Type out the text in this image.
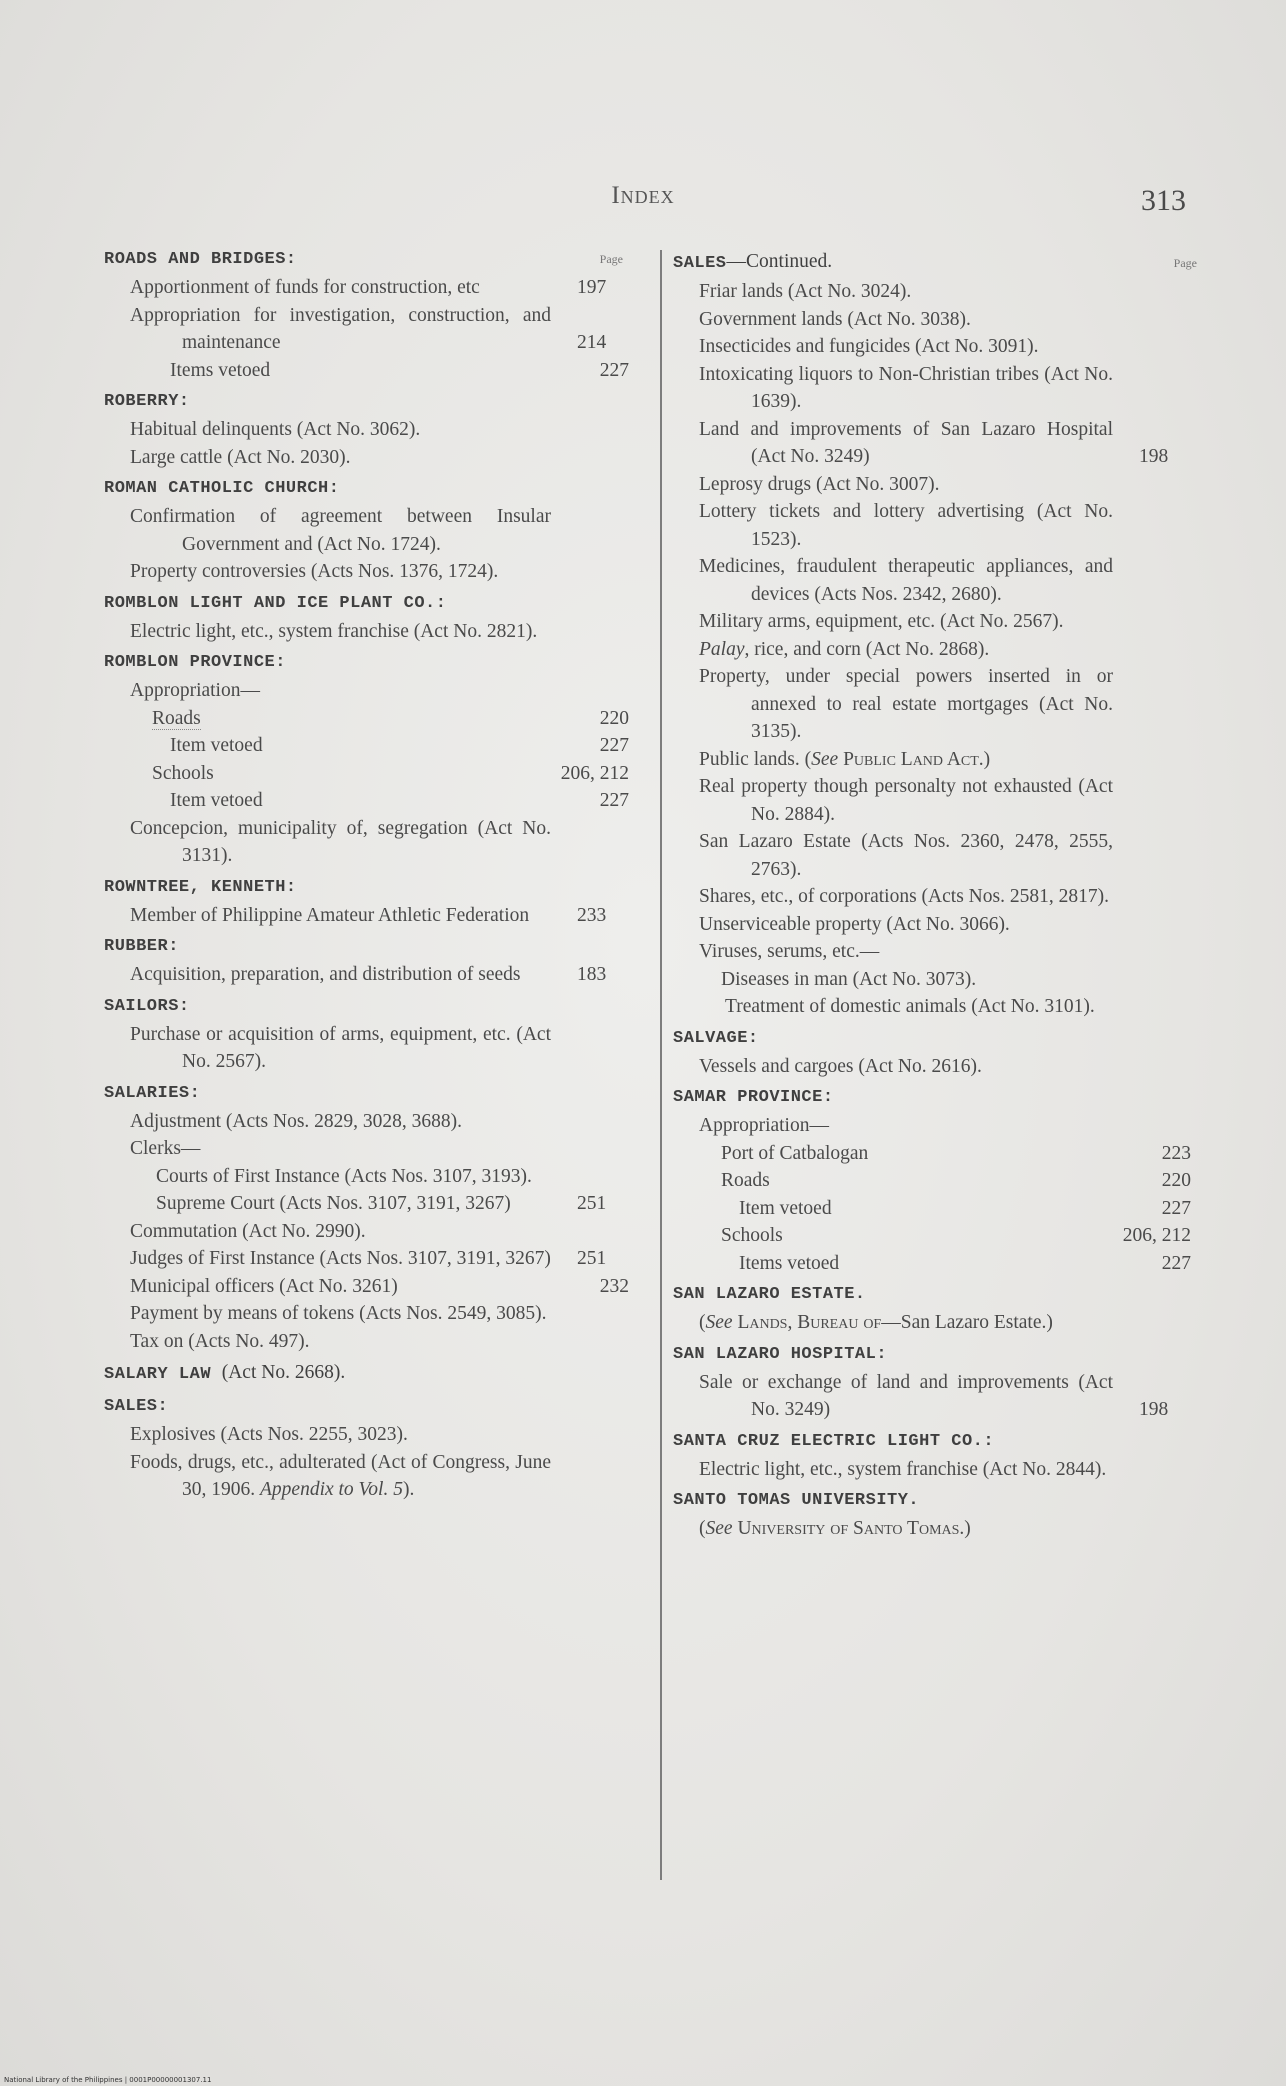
Index	313
Page
ROADS AND BRIDGES:
Apportionment of funds for construction, etc	197
Appropriation for investigation, construction, and maintenance	214
Items vetoed	227
ROBERRY:
Habitual delinquents (Act No. 3062).
Large cattle (Act No. 2030).
ROMAN CATHOLIC CHURCH:
Confirmation of agreement between Insular Government and (Act No. 1724).
Property controversies (Acts Nos. 1376, 1724).
ROMBLON LIGHT AND ICE PLANT CO.:
Electric light, etc., system franchise (Act No. 2821).
ROMBLON PROVINCE:
Appropriation—
Roads	220
Item vetoed	227
Schools	206, 212
Item vetoed	227
Concepcion, municipality of, segregation (Act No. 3131).
ROWNTREE, KENNETH:
Member of Philippine Amateur Athletic Federation 233
RUBBER:
Acquisition, preparation, and distribution of seeds	183
SAILORS:
Purchase or acquisition of arms, equipment, etc. (Act No. 2567).
SALARIES:
Adjustment (Acts Nos. 2829, 3028, 3688).
Clerks—
Courts of First Instance (Acts Nos. 3107, 3193).
Supreme Court (Acts Nos. 3107, 3191, 3267)	251
Commutation (Act No. 2990).
Judges of First Instance (Acts Nos. 3107, 3191, 3267) 251
Municipal officers (Act No. 3261)	232
Payment by means of tokens (Acts Nos. 2549, 3085).
Tax on (Acts No. 497).
SALARY LAW (Act No. 2668).
SALES:
Explosives (Acts Nos. 2255, 3023).
Foods, drugs, etc., adulterated (Act of Congress, June 30, 1906. Appendix to Vol. 5).
Page
SALES—Continued.
Friar lands (Act No. 3024).
Government lands (Act No. 3038).
Insecticides and fungicides (Act No. 3091).
Intoxicating liquors to Non-Christian tribes (Act No. 1639).
Land and improvements of San Lazaro Hospital (Act No. 3249)	198
Leprosy drugs (Act No. 3007).
Lottery tickets and lottery advertising (Act No. 1523).
Medicines, fraudulent therapeutic appliances, and devices (Acts Nos. 2342, 2680).
Military arms, equipment, etc. (Act No. 2567).
Palay, rice, and corn (Act No. 2868).
Property, under special powers inserted in or annexed to real estate mortgages (Act No. 3135).
Public lands. (See Public Land Act.)
Real property though personalty not exhausted (Act No. 2884).
San Lazaro Estate (Acts Nos. 2360, 2478, 2555, 2763).
Shares, etc., of corporations (Acts Nos. 2581, 2817).
Unserviceable property (Act No. 3066).
Viruses, serums, etc.—
Diseases in man (Act No. 3073).
Treatment of domestic animals (Act No. 3101).
SALVAGE:
Vessels and cargoes (Act No. 2616).
SAMAR PROVINCE:
Appropriation—
Port of Catbalogan	223
Roads	220
Item vetoed	227
Schools	206, 212
Items vetoed	227
SAN LAZARO ESTATE.
(See Lands, Bureau of—San Lazaro Estate.)
SAN LAZARO HOSPITAL:
Sale or exchange of land and improvements (Act No. 3249)	198
SANTA CRUZ ELECTRIC LIGHT CO.:
Electric light, etc., system franchise (Act No. 2844).
SANTO TOMAS UNIVERSITY.
(See University of Santo Tomas.)
National Library of the Philippines | 0001P00000001307.11
